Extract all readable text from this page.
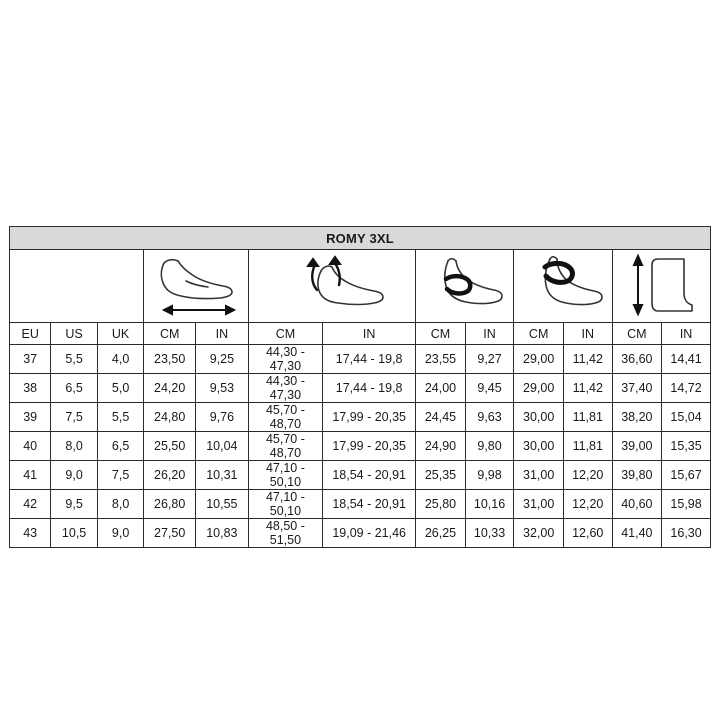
ROMY 3XL												

EU	US	UK	CM	IN	CM	IN	CM	IN	CM	IN	CM	IN
37	5,5	4,0	23,50	9,25	44,30 - 47,30	17,44 - 19,8	23,55	9,27	29,00	11,42	36,60	14,41
38	6,5	5,0	24,20	9,53	44,30 - 47,30	17,44 - 19,8	24,00	9,45	29,00	11,42	37,40	14,72
39	7,5	5,5	24,80	9,76	45,70 - 48,70	17,99 - 20,35	24,45	9,63	30,00	11,81	38,20	15,04
40	8,0	6,5	25,50	10,04	45,70 - 48,70	17,99 - 20,35	24,90	9,80	30,00	11,81	39,00	15,35
41	9,0	7,5	26,20	10,31	47,10 - 50,10	18,54 - 20,91	25,35	9,98	31,00	12,20	39,80	15,67
42	9,5	8,0	26,80	10,55	47,10 - 50,10	18,54 - 20,91	25,80	10,16	31,00	12,20	40,60	15,98
43	10,5	9,0	27,50	10,83	48,50 - 51,50	19,09 - 21,46	26,25	10,33	32,00	12,60	41,40	16,30
